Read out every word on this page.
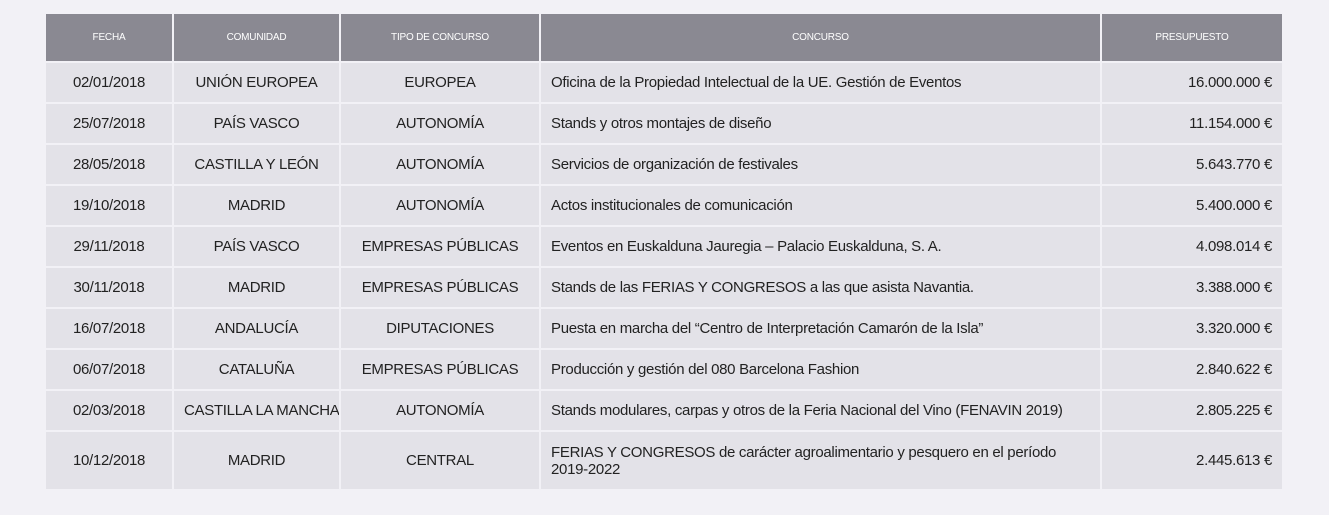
FECHA	COMUNIDAD	TIPO DE CONCURSO	CONCURSO	PRESUPUESTO
02/01/2018	UNIÓN EUROPEA	EUROPEA	Oficina de la Propiedad Intelectual de la UE. Gestión de Eventos	16.000.000 €
25/07/2018	PAÍS VASCO	AUTONOMÍA	Stands y otros montajes de diseño	11.154.000 €
28/05/2018	CASTILLA Y LEÓN	AUTONOMÍA	Servicios de organización de festivales	5.643.770 €
19/10/2018	MADRID	AUTONOMÍA	Actos institucionales de comunicación	5.400.000 €
29/11/2018	PAÍS VASCO	EMPRESAS PÚBLICAS	Eventos en Euskalduna Jauregia – Palacio Euskalduna, S. A.	4.098.014 €
30/11/2018	MADRID	EMPRESAS PÚBLICAS	Stands de las FERIAS Y CONGRESOS a las que asista Navantia.	3.388.000 €
16/07/2018	ANDALUCÍA	DIPUTACIONES	Puesta en marcha del “Centro de Interpretación Camarón de la Isla”	3.320.000 €
06/07/2018	CATALUÑA	EMPRESAS PÚBLICAS	Producción y gestión del 080 Barcelona Fashion	2.840.622 €
02/03/2018	CASTILLA LA MANCHA	AUTONOMÍA	Stands modulares, carpas y otros de la Feria Nacional del Vino (FENAVIN 2019)	2.805.225 €
10/12/2018	MADRID	CENTRAL	FERIAS Y CONGRESOS de carácter agroalimentario y pesquero en el período 2019-2022	2.445.613 €
